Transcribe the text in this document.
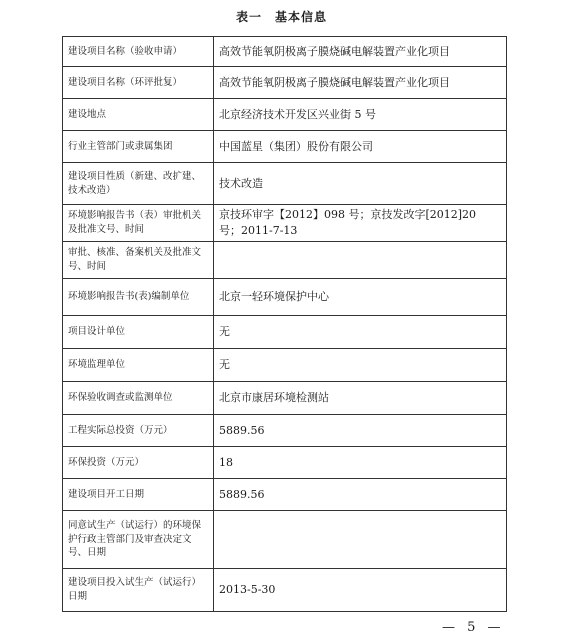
表一　基本信息
建设项目名称（验收申请）	高效节能氧阴极离子膜烧碱电解装置产业化项目
建设项目名称（环评批复）	高效节能氧阴极离子膜烧碱电解装置产业化项目
建设地点	北京经济技术开发区兴业街 5 号
行业主管部门或隶属集团	中国蓝星（集团）股份有限公司
建设项目性质（新建、改扩建、技术改造）	技术改造
环境影响报告书（表）审批机关及批准文号、时间	京技环审字【2012】098 号；京技发改字[2012]20 号；2011-7-13
审批、核准、备案机关及批准文号、时间	
环境影响报告书(表)编制单位	北京一轻环境保护中心
项目设计单位	无
环境监理单位	无
环保验收调查或监测单位	北京市康居环境检测站
工程实际总投资（万元）	5889.56
环保投资（万元）	18
建设项目开工日期	5889.56
同意试生产（试运行）的环境保护行政主管部门及审查决定文号、日期	
建设项目投入试生产（试运行）日期	2013-5-30
— 5 —
